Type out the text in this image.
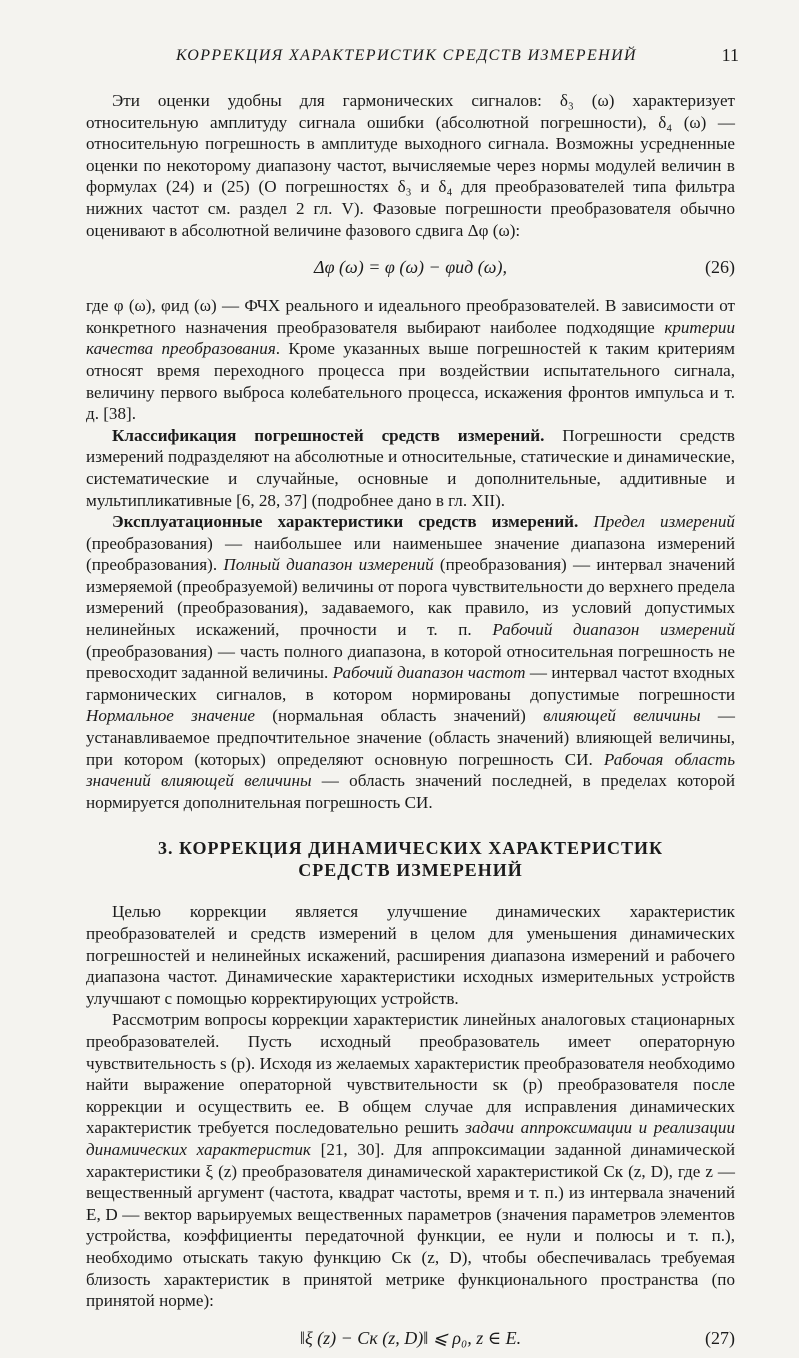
КОРРЕКЦИЯ ХАРАКТЕРИСТИК СРЕДСТВ ИЗМЕРЕНИЙ	11

Эти оценки удобны для гармонических сигналов: δ₃ (ω) характеризует относительную амплитуду сигнала ошибки (абсолютной погрешности), δ₄ (ω) — относительную погрешность в амплитуде выходного сигнала. Возможны усредненные оценки по некоторому диапазону частот, вычисляемые через нормы модулей величин в формулах (24) и (25) (О погрешностях δ₃ и δ₄ для преобразователей типа фильтра нижних частот см. раздел 2 гл. V). Фазовые погрешности преобразователя обычно оценивают в абсолютной величине фазового сдвига Δφ (ω):

Δφ (ω) = φ (ω) − φид (ω),	(26)

где φ (ω), φид (ω) — ФЧХ реального и идеального преобразователей. В зависимости от конкретного назначения преобразователя выбирают наиболее подходящие критерии качества преобразования. Кроме указанных выше погрешностей к таким критериям относят время переходного процесса при воздействии испытательного сигнала, величину первого выброса колебательного процесса, искажения фронтов импульса и т. д. [38].

Классификация погрешностей средств измерений. Погрешности средств измерений подразделяют на абсолютные и относительные, статические и динамические, систематические и случайные, основные и дополнительные, аддитивные и мультипликативные [6, 28, 37] (подробнее дано в гл. XII).

Эксплуатационные характеристики средств измерений. Предел измерений (преобразования) — наибольшее или наименьшее значение диапазона измерений (преобразования). Полный диапазон измерений (преобразования) — интервал значений измеряемой (преобразуемой) величины от порога чувствительности до верхнего предела измерений (преобразования), задаваемого, как правило, из условий допустимых нелинейных искажений, прочности и т. п. Рабочий диапазон измерений (преобразования) — часть полного диапазона, в которой относительная погрешность не превосходит заданной величины. Рабочий диапазон частот — интервал частот входных гармонических сигналов, в котором нормированы допустимые погрешности Нормальное значение (нормальная область значений) влияющей величины — устанавливаемое предпочтительное значение (область значений) влияющей величины, при котором (которых) определяют основную погрешность СИ. Рабочая область значений влияющей величины — область значений последней, в пределах которой нормируется дополнительная погрешность СИ.

3. КОРРЕКЦИЯ ДИНАМИЧЕСКИХ ХАРАКТЕРИСТИК
СРЕДСТВ ИЗМЕРЕНИЙ

Целью коррекции является улучшение динамических характеристик преобразователей и средств измерений в целом для уменьшения динамических погрешностей и нелинейных искажений, расширения диапазона измерений и рабочего диапазона частот. Динамические характеристики исходных измерительных устройств улучшают с помощью корректирующих устройств.

Рассмотрим вопросы коррекции характеристик линейных аналоговых стационарных преобразователей. Пусть исходный преобразователь имеет операторную чувствительность s (p). Исходя из желаемых характеристик преобразователя необходимо найти выражение операторной чувствительности sк (p) преобразователя после коррекции и осуществить ее. В общем случае для исправления динамических характеристик требуется последовательно решить задачи аппроксимации и реализации динамических характеристик [21, 30]. Для аппроксимации заданной динамической характеристики ξ (z) преобразователя динамической характеристикой Cк (z, D), где z — вещественный аргумент (частота, квадрат частоты, время и т. п.) из интервала значений E, D — вектор варьируемых вещественных параметров (значения параметров элементов устройства, коэффициенты передаточной функции, ее нули и полюсы и т. п.), необходимо отыскать такую функцию Cк (z, D), чтобы обеспечивалась требуемая близость характеристик в принятой метрике функционального пространства (по принятой норме):

‖ξ (z) − Cк (z, D)‖ ⩽ ρ₀, z ∈ E.	(27)
